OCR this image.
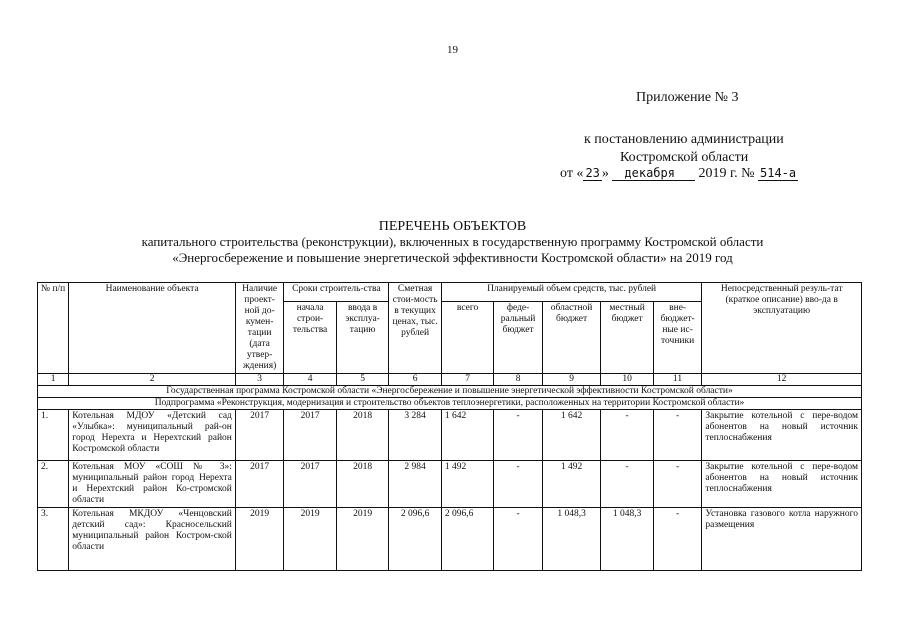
19
Приложение № 3
к постановлению администрации
Костромской области
от « 23 » декабря 2019 г. № 514-а
ПЕРЕЧЕНЬ ОБЪЕКТОВ
капитального строительства (реконструкции), включенных в государственную программу Костромской области
«Энергосбережение и повышение энергетической эффективности Костромской области» на 2019 год
№ п/п	Наименование объекта	Наличие проект-ной до-кумен-тации (дата утвер-ждения)	Сроки строитель-ства		Сметная стои-мость в текущих ценах, тыс. рублей	Планируемый объем средств, тыс. рублей					Непосредственный резуль-тат (краткое описание) вво-да в эксплуатацию
			начала строи-тельства	ввода в эксплуа-тацию		всего	феде-ральный бюджет	областной бюджет	местный бюджет	вне-бюджет-ные ис-точники	
1	2	3	4	5	6	7	8	9	10	11	12
Государственная программа Костромской области «Энергосбережение и повышение энергетической эффективности Костромской области»											
Подпрограмма «Реконструкция, модернизация и строительство объектов теплоэнергетики, расположенных на территории Костромской области»											
1.	Котельная МДОУ «Детский сад «Улыбка»: муниципальный рай-он город Нерехта и Нерехтский район Костромской области	2017	2017	2018	3 284	1 642	-	1 642	-	-	Закрытие котельной с пере-водом абонентов на новый источник теплоснабжения
2.	Котельная МОУ «СОШ № 3»: муниципальный район город Нерехта и Нерехтский район Ко-стромской области	2017	2017	2018	2 984	1 492	-	1 492	-	-	Закрытие котельной с пере-водом абонентов на новый источник теплоснабжения
3.	Котельная МКДОУ «Ченцовский детский сад»: Красносельский муниципальный район Костром-ской области	2019	2019	2019	2 096,6	2 096,6	-	1 048,3	1 048,3	-	Установка газового котла наружного размещения
